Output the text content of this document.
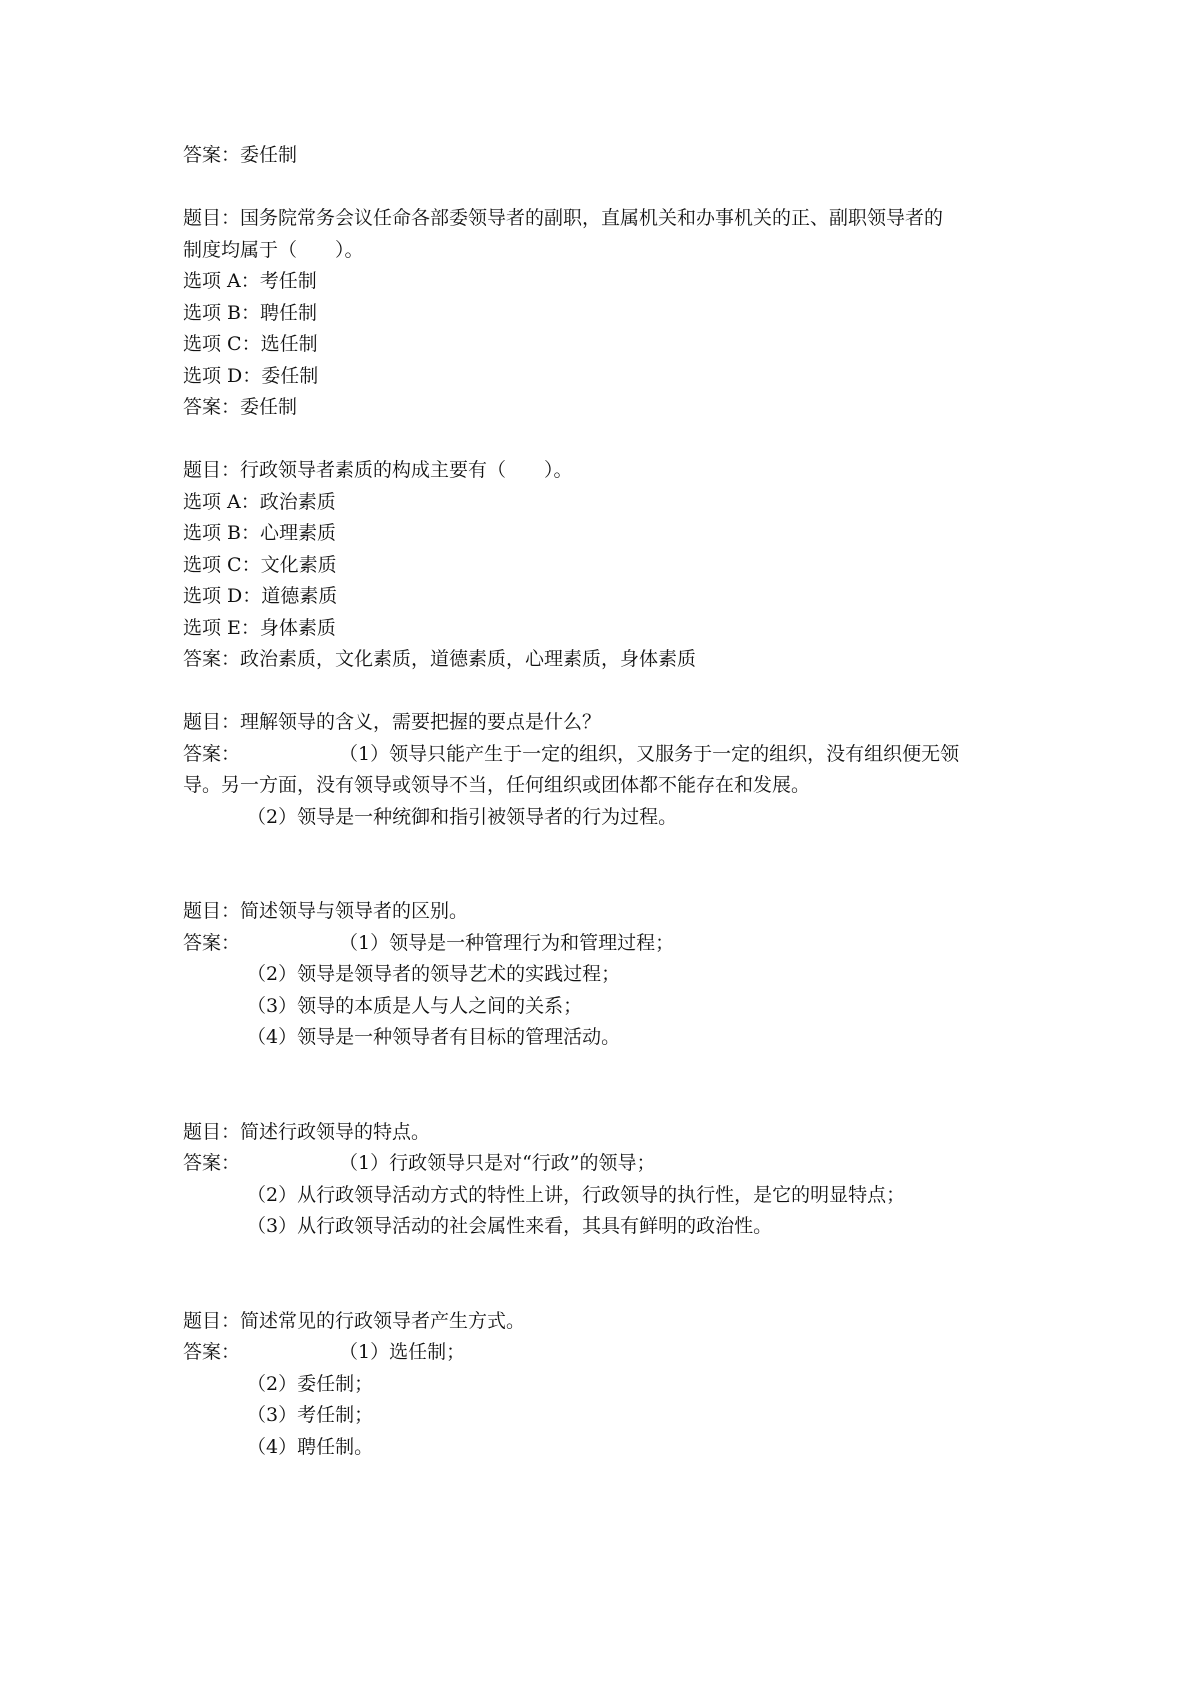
答案：委任制
题目：国务院常务会议任命各部委领导者的副职，直属机关和办事机关的正、副职领导者的
制度均属于（　　）。
选项 A：考任制
选项 B：聘任制
选项 C：选任制
选项 D：委任制
答案：委任制
题目：行政领导者素质的构成主要有（　　）。
选项 A：政治素质
选项 B：心理素质
选项 C：文化素质
选项 D：道德素质
选项 E：身体素质
答案：政治素质，文化素质，道德素质，心理素质，身体素质
题目：理解领导的含义，需要把握的要点是什么？
答案：	（1）领导只能产生于一定的组织，又服务于一定的组织，没有组织便无领
导。另一方面，没有领导或领导不当，任何组织或团体都不能存在和发展。
（2）领导是一种统御和指引被领导者的行为过程。
题目：简述领导与领导者的区别。
答案：	（1）领导是一种管理行为和管理过程；
（2）领导是领导者的领导艺术的实践过程；
（3）领导的本质是人与人之间的关系；
（4）领导是一种领导者有目标的管理活动。
题目：简述行政领导的特点。
答案：	（1）行政领导只是对“行政”的领导；
（2）从行政领导活动方式的特性上讲，行政领导的执行性，是它的明显特点；
（3）从行政领导活动的社会属性来看，其具有鲜明的政治性。
题目：简述常见的行政领导者产生方式。
答案：	（1）选任制；
（2）委任制；
（3）考任制；
（4）聘任制。
